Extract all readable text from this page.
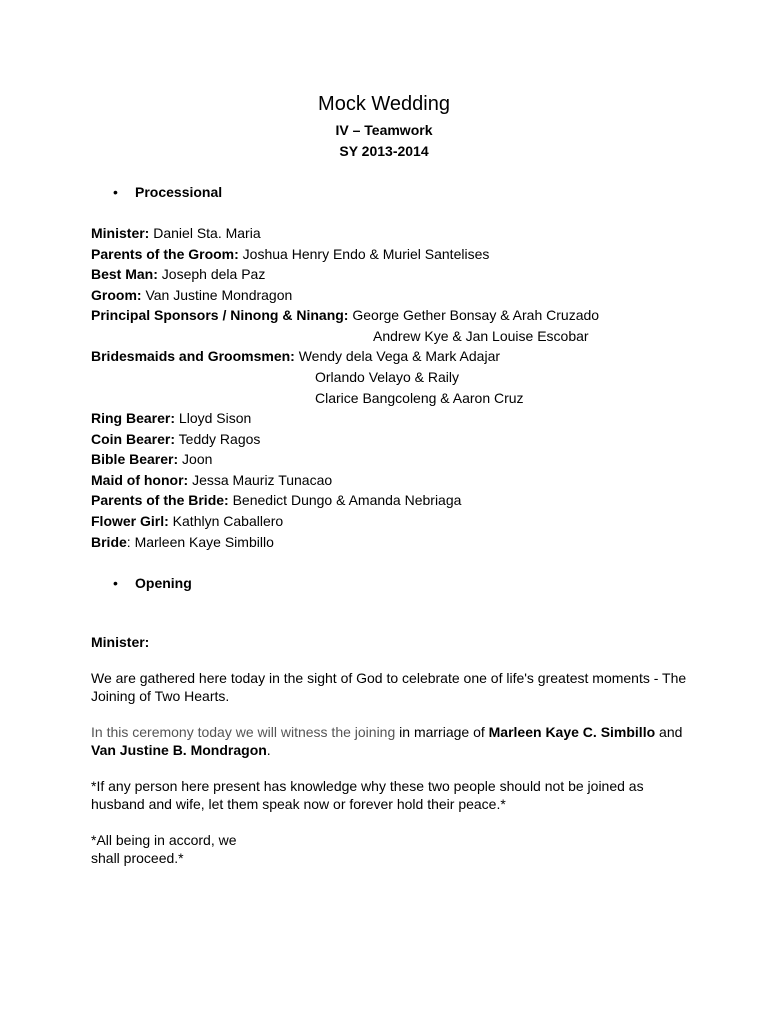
Mock Wedding
IV – Teamwork
SY 2013-2014
• Processional
Minister: Daniel Sta. Maria
Parents of the Groom: Joshua Henry Endo & Muriel Santelises
Best Man: Joseph dela Paz
Groom: Van Justine Mondragon
Principal Sponsors / Ninong & Ninang: George Gether Bonsay & Arah Cruzado
Andrew Kye & Jan Louise Escobar
Bridesmaids and Groomsmen: Wendy dela Vega & Mark Adajar
Orlando Velayo & Raily
Clarice Bangcoleng & Aaron Cruz
Ring Bearer: Lloyd Sison
Coin Bearer: Teddy Ragos
Bible Bearer: Joon
Maid of honor: Jessa Mauriz Tunacao
Parents of the Bride: Benedict Dungo & Amanda Nebriaga
Flower Girl: Kathlyn Caballero
Bride: Marleen Kaye Simbillo
• Opening
Minister:
We are gathered here today in the sight of God to celebrate one of life's greatest moments - The Joining of Two Hearts.
In this ceremony today we will witness the joining in marriage of Marleen Kaye C. Simbillo and Van Justine B. Mondragon.
*If any person here present has knowledge why these two people should not be joined as husband and wife, let them speak now or forever hold their peace.*
*All being in accord, we
shall proceed.*
